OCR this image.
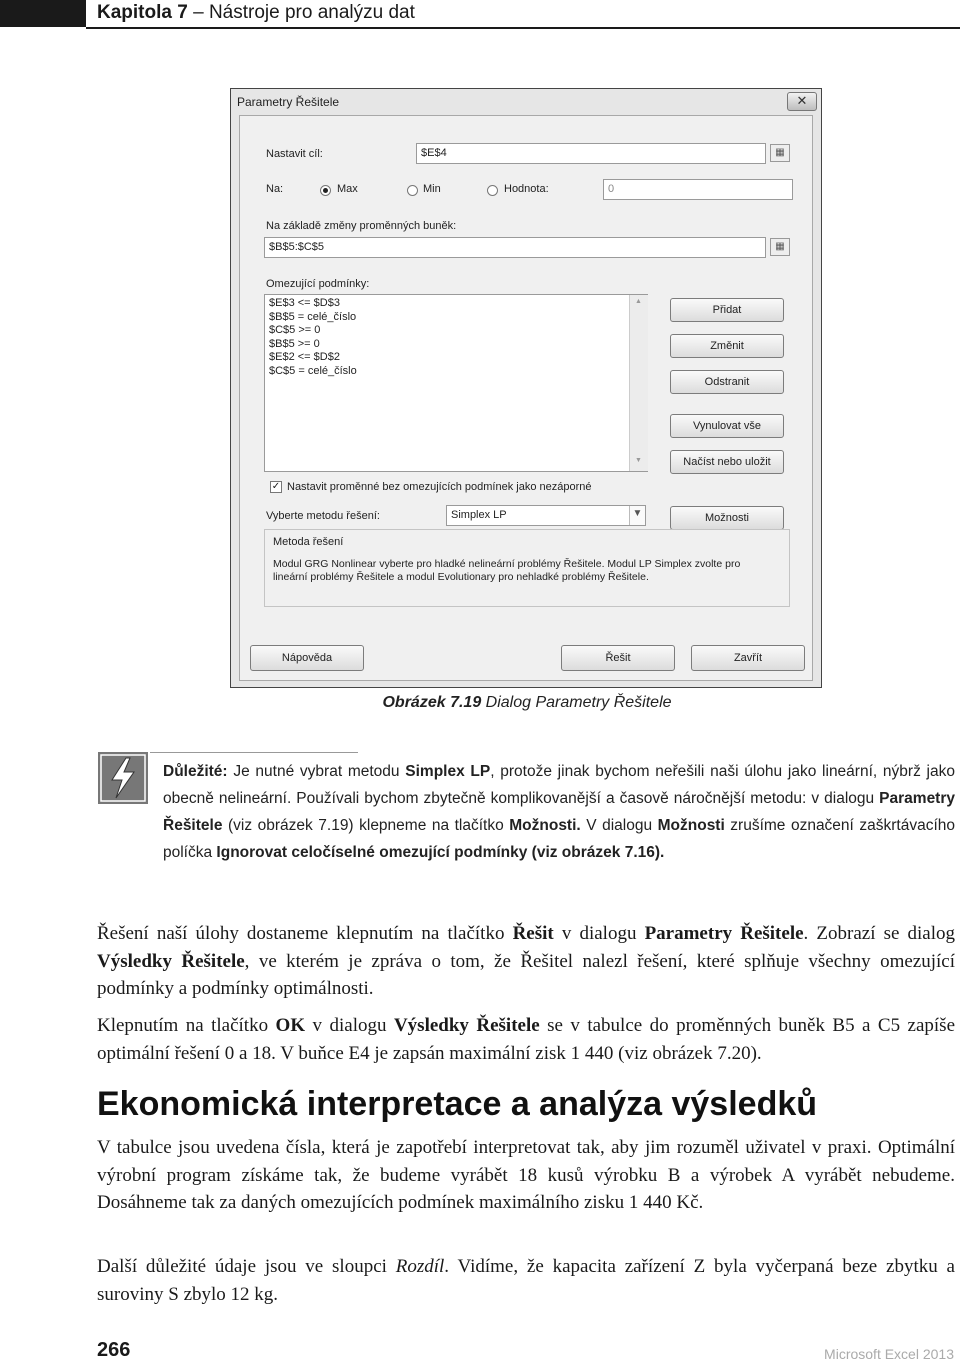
Kapitola 7 – Nástroje pro analýzu dat
Parametry Řešitele	✕
Nastavit cíl:	$E$4	▦
Na:	Max	Min	Hodnota:	0
Na základě změny proměnných buněk:
$B$5:$C$5	▦
Omezující podmínky:
$E$3 <= $D$3
$B$5 = celé_číslo
$C$5 >= 0
$B$5 >= 0
$E$2 <= $D$2
$C$5 = celé_číslo
▲
▼
Přidat
Změnit
Odstranit
Vynulovat vše
Načíst nebo uložit
✓ Nastavit proměnné bez omezujících podmínek jako nezáporné
Vyberte metodu řešení:	Simplex LP	▼	Možnosti
Metoda řešení
Modul GRG Nonlinear vyberte pro hladké nelineární problémy Řešitele. Modul LP Simplex zvolte pro
lineární problémy Řešitele a modul Evolutionary pro nehladké problémy Řešitele.
Nápověda	Řešit	Zavřít
Obrázek 7.19 Dialog Parametry Řešitele
Důležité: Je nutné vybrat metodu Simplex LP, protože jinak bychom neřešili naši úlohu jako lineární, nýbrž jako obecně nelineární. Používali bychom zbytečně komplikovanější a časově náročnější metodu: v dialogu Parametry Řešitele (viz obrázek 7.19) klepneme na tlačítko Možnosti. V dialogu Možnosti zrušíme označení zaškrtávacího políčka Ignorovat celočíselné omezující podmínky (viz obrázek 7.16).
Řešení naší úlohy dostaneme klepnutím na tlačítko Řešit v dialogu Parametry Řešitele. Zobrazí se dialog Výsledky Řešitele, ve kterém je zpráva o tom, že Řešitel nalezl řešení, které splňuje všechny omezující podmínky a podmínky optimálnosti.
Klepnutím na tlačítko OK v dialogu Výsledky Řešitele se v tabulce do proměnných buněk B5 a C5 zapíše optimální řešení 0 a 18. V buňce E4 je zapsán maximální zisk 1 440 (viz obrázek 7.20).
Ekonomická interpretace a analýza výsledků
V tabulce jsou uvedena čísla, která je zapotřebí interpretovat tak, aby jim rozuměl uživatel v praxi. Optimální výrobní program získáme tak, že budeme vyrábět 18 kusů výrobku B a výrobek A vyrábět nebudeme. Dosáhneme tak za daných omezujících podmínek maximálního zisku 1 440 Kč.
Další důležité údaje jsou ve sloupci Rozdíl. Vidíme, že kapacita zařízení Z byla vyčerpaná beze zbytku a suroviny S zbylo 12 kg.
266	Microsoft Excel 2013
